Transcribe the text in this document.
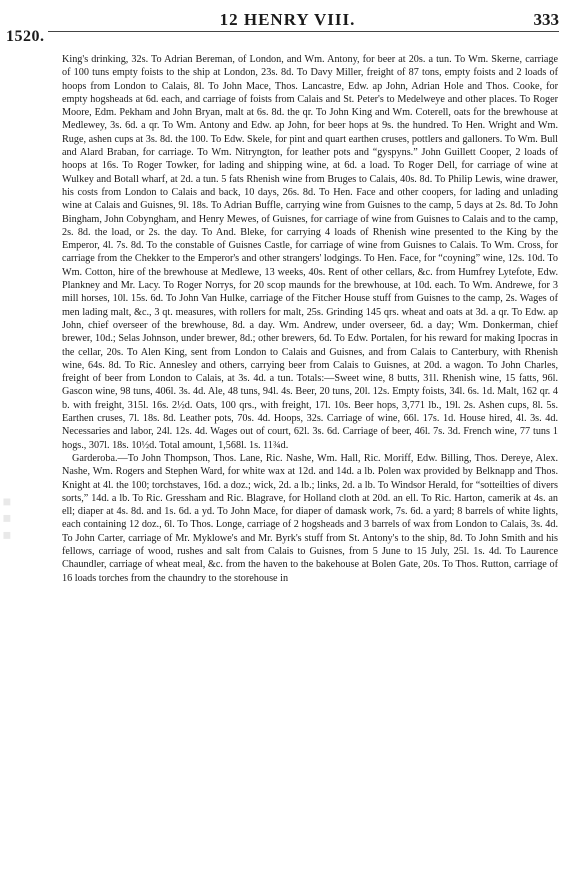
1520.
12 HENRY VIII.	333
■ ■ ■

King's drinking, 32s. To Adrian Bereman, of London, and Wm. Antony, for beer at 20s. a tun. To Wm. Skerne, carriage of 100 tuns empty foists to the ship at London, 23s. 8d. To Davy Miller, freight of 87 tons, empty foists and 2 loads of hoops from London to Calais, 8l. To John Mace, Thos. Lancastre, Edw. ap John, Adrian Hole and Thos. Cooke, for empty hogsheads at 6d. each, and carriage of foists from Calais and St. Peter's to Medelweye and other places. To Roger Moore, Edm. Pekham and John Bryan, malt at 6s. 8d. the qr. To John King and Wm. Coterell, oats for the brewhouse at Medlewey, 3s. 6d. a qr. To Wm. Antony and Edw. ap John, for beer hops at 9s. the hundred. To Hen. Wright and Wm. Ruge, ashen cups at 3s. 8d. the 100. To Edw. Skele, for pint and quart earthen cruses, pottlers and galloners. To Wm. Bull and Alard Braban, for carriage. To Wm. Nitryngton, for leather pots and “gyspyns.” John Guillett Cooper, 2 loads of hoops at 16s. To Roger Towker, for lading and shipping wine, at 6d. a load. To Roger Dell, for carriage of wine at Wulkey and Botall wharf, at 2d. a tun. 5 fats Rhenish wine from Bruges to Calais, 40s. 8d. To Philip Lewis, wine drawer, his costs from London to Calais and back, 10 days, 26s. 8d. To Hen. Face and other coopers, for lading and unlading wine at Calais and Guisnes, 9l. 18s. To Adrian Buffle, carrying wine from Guisnes to the camp, 5 days at 2s. 8d. To John Bingham, John Cobyngham, and Henry Mewes, of Guisnes, for carriage of wine from Guisnes to Calais and to the camp, 2s. 8d. the load, or 2s. the day. To And. Bleke, for carrying 4 loads of Rhenish wine presented to the King by the Emperor, 4l. 7s. 8d. To the constable of Guisnes Castle, for carriage of wine from Guisnes to Calais. To Wm. Cross, for carriage from the Chekker to the Emperor's and other strangers' lodgings. To Hen. Face, for “coyning” wine, 12s. 10d. To Wm. Cotton, hire of the brewhouse at Medlewe, 13 weeks, 40s. Rent of other cellars, &c. from Humfrey Lytefote, Edw. Plankney and Mr. Lacy. To Roger Norrys, for 20 scop maunds for the brewhouse, at 10d. each. To Wm. Andrewe, for 3 mill horses, 10l. 15s. 6d. To John Van Hulke, carriage of the Fitcher House stuff from Guisnes to the camp, 2s. Wages of men lading malt, &c., 3 qt. measures, with rollers for malt, 25s. Grinding 145 qrs. wheat and oats at 3d. a qr. To Edw. ap John, chief overseer of the brewhouse, 8d. a day. Wm. Andrew, under overseer, 6d. a day; Wm. Donkerman, chief brewer, 10d.; Selas Johnson, under brewer, 8d.; other brewers, 6d. To Edw. Portalen, for his reward for making Ipocras in the cellar, 20s. To Alen King, sent from London to Calais and Guisnes, and from Calais to Canterbury, with Rhenish wine, 64s. 8d. To Ric. Annesley and others, carrying beer from Calais to Guisnes, at 20d. a wagon. To John Charles, freight of beer from London to Calais, at 3s. 4d. a tun. Totals:—Sweet wine, 8 butts, 31l. Rhenish wine, 15 fatts, 96l. Gascon wine, 98 tuns, 406l. 3s. 4d. Ale, 48 tuns, 94l. 4s. Beer, 20 tuns, 20l. 12s. Empty foists, 34l. 6s. 1d. Malt, 162 qr. 4 b. with freight, 315l. 16s. 2½d. Oats, 100 qrs., with freight, 17l. 10s. Beer hops, 3,771 lb., 19l. 2s. Ashen cups, 8l. 5s. Earthen cruses, 7l. 18s. 8d. Leather pots, 70s. 4d. Hoops, 32s. Carriage of wine, 66l. 17s. 1d. House hired, 4l. 3s. 4d. Necessaries and labor, 24l. 12s. 4d. Wages out of court, 62l. 3s. 6d. Carriage of beer, 46l. 7s. 3d. French wine, 77 tuns 1 hogs., 307l. 18s. 10½d. Total amount, 1,568l. 1s. 11¾d.

Garderoba.—To John Thompson, Thos. Lane, Ric. Nashe, Wm. Hall, Ric. Moriff, Edw. Billing, Thos. Dereye, Alex. Nashe, Wm. Rogers and Stephen Ward, for white wax at 12d. and 14d. a lb. Polen wax provided by Belknapp and Thos. Knight at 4l. the 100; torchstaves, 16d. a doz.; wick, 2d. a lb.; links, 2d. a lb. To Windsor Herald, for “sotteilties of divers sorts,” 14d. a lb. To Ric. Gressham and Ric. Blagrave, for Holland cloth at 20d. an ell. To Ric. Harton, camerik at 4s. an ell; diaper at 4s. 8d. and 1s. 6d. a yd. To John Mace, for diaper of damask work, 7s. 6d. a yard; 8 barrels of white lights, each containing 12 doz., 6l. To Thos. Longe, carriage of 2 hogsheads and 3 barrels of wax from London to Calais, 3s. 4d. To John Carter, carriage of Mr. Myklowe's and Mr. Byrk's stuff from St. Antony's to the ship, 8d. To John Smith and his fellows, carriage of wood, rushes and salt from Calais to Guisnes, from 5 June to 15 July, 25l. 1s. 4d. To Laurence Chaundler, carriage of wheat meal, &c. from the haven to the bakehouse at Bolen Gate, 20s. To Thos. Rutton, carriage of 16 loads torches from the chaundry to the storehouse in
